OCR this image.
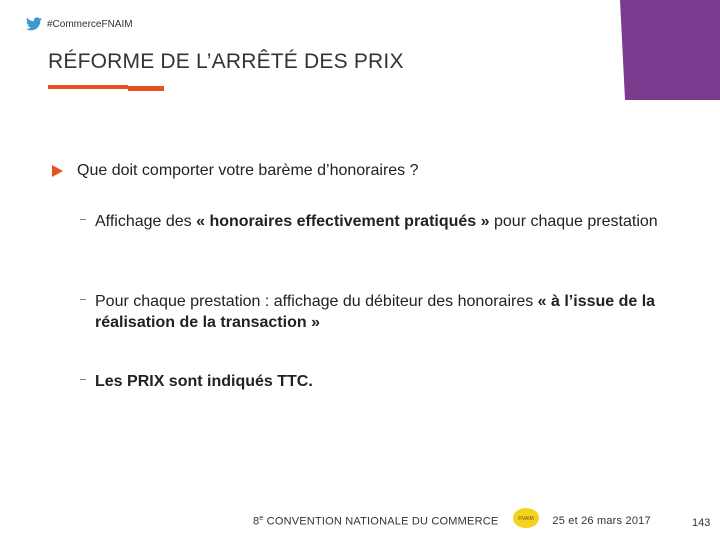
#CommerceFNAIM
RÉFORME DE L’ARRÊTÉ DES PRIX
Que doit comporter votre barème d’honoraires ?
Affichage des « honoraires effectivement pratiqués » pour chaque prestation
Pour chaque prestation : affichage du débiteur des honoraires « à l’issue de la réalisation de la transaction »
Les PRIX sont indiqués TTC.
8e CONVENTION NATIONALE DU COMMERCE	FNAIM 25 et 26 mars 2017	143
